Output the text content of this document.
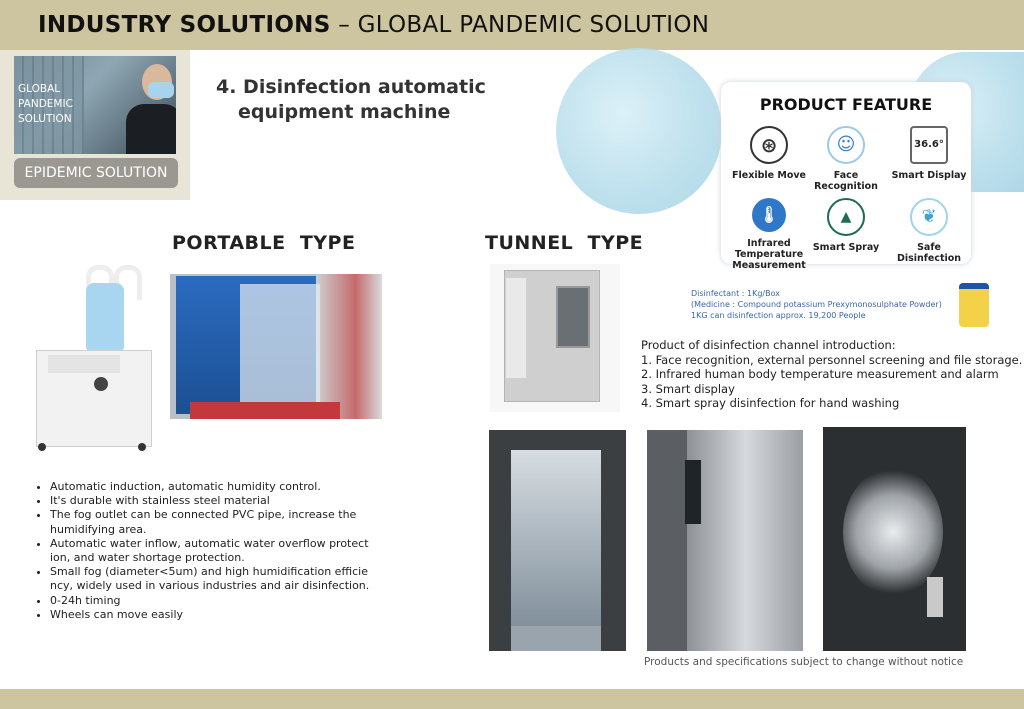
INDUSTRY SOLUTIONS – GLOBAL PANDEMIC SOLUTION
GLOBAL
PANDEMIC
SOLUTION
EPIDEMIC SOLUTION
4. Disinfection automatic
equipment machine	PRODUCT FEATURE
⊛
Flexible Move
☺
Face Recognition
36.6°
Smart Display
🌡
Infrared Temperature Measurement
▲
Smart Spray
❦
Safe Disinfection
PORTABLE  TYPE	TUNNEL  TYPE
Disinfectant : 1Kg/Box
(Medicine : Compound potassium Prexymonosulphate Powder)
1KG can disinfection approx. 19,200 People
Product of disinfection channel introduction:
1. Face recognition, external personnel screening and file storage.
2. Infrared human body temperature measurement and alarm
3. Smart display
4. Smart spray disinfection for hand washing
• Automatic induction, automatic humidity control.
• It's durable with stainless steel material
• The fog outlet can be connected PVC pipe, increase the humidifying area.
• Automatic water inflow, automatic water overflow protect ion, and water shortage protection.
• Small fog (diameter<5um) and high humidification efficie ncy, widely used in various industries and air disinfection.
• 0-24h timing
• Wheels can move easily
Products and specifications subject to change without notice
